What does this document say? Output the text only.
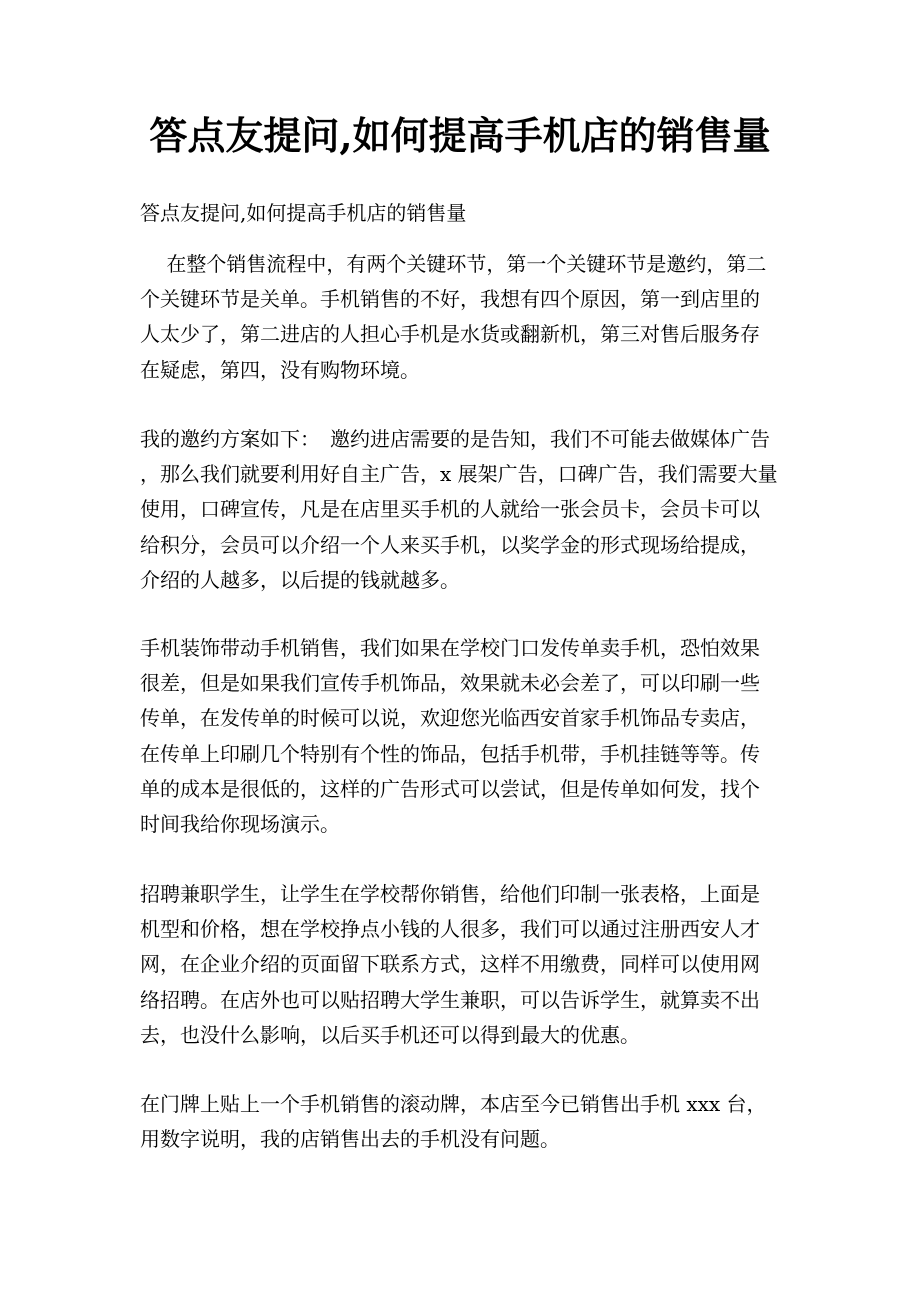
答点友提问,如何提高手机店的销售量
答点友提问,如何提高手机店的销售量
　 在整个销售流程中，有两个关键环节，第一个关键环节是邀约，第二
个关键环节是关单。手机销售的不好，我想有四个原因，第一到店里的
人太少了，第二进店的人担心手机是水货或翻新机，第三对售后服务存
在疑虑，第四，没有购物环境。
我的邀约方案如下：　邀约进店需要的是告知，我们不可能去做媒体广告
，那么我们就要利用好自主广告，x 展架广告，口碑广告，我们需要大量
使用，口碑宣传，凡是在店里买手机的人就给一张会员卡，会员卡可以
给积分，会员可以介绍一个人来买手机，以奖学金的形式现场给提成，
介绍的人越多，以后提的钱就越多。
手机装饰带动手机销售，我们如果在学校门口发传单卖手机，恐怕效果
很差，但是如果我们宣传手机饰品，效果就未必会差了，可以印刷一些
传单，在发传单的时候可以说，欢迎您光临西安首家手机饰品专卖店，
在传单上印刷几个特别有个性的饰品，包括手机带，手机挂链等等。传
单的成本是很低的，这样的广告形式可以尝试，但是传单如何发，找个
时间我给你现场演示。
招聘兼职学生，让学生在学校帮你销售，给他们印制一张表格，上面是
机型和价格，想在学校挣点小钱的人很多，我们可以通过注册西安人才
网，在企业介绍的页面留下联系方式，这样不用缴费，同样可以使用网
络招聘。在店外也可以贴招聘大学生兼职，可以告诉学生，就算卖不出
去，也没什么影响，以后买手机还可以得到最大的优惠。
在门牌上贴上一个手机销售的滚动牌，本店至今已销售出手机 xxx 台，
用数字说明，我的店销售出去的手机没有问题。
